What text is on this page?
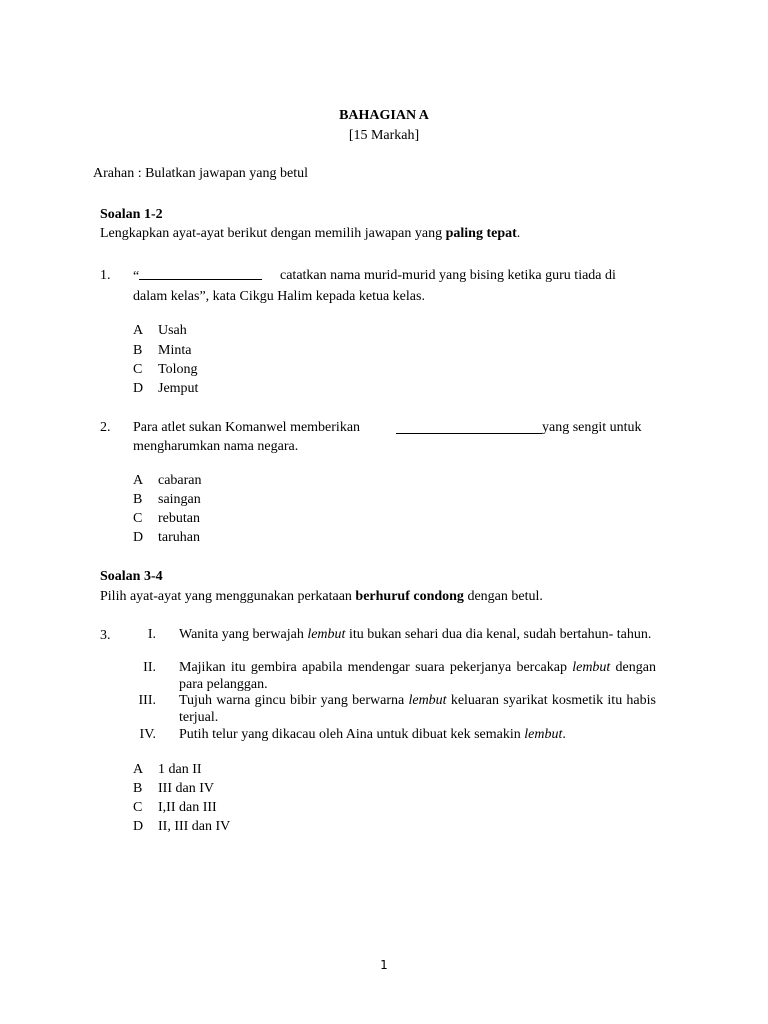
BAHAGIAN A

[15 Markah]

Arahan : Bulatkan jawapan yang betul

Soalan 1-2

Lengkapkan ayat-ayat berikut dengan memilih jawapan yang paling tepat.

1. “	catatkan nama murid-murid yang bising ketika guru tiada di

dalam kelas”, kata Cikgu Halim kepada ketua kelas.

A Usah

B Minta

C Tolong

D Jemput

2. Para atlet sukan Komanwel memberikan	yang sengit untuk

mengharumkan nama negara.

A cabaran

B saingan

C rebutan

D taruhan

Soalan 3-4

Pilih ayat-ayat yang menggunakan perkataan berhuruf condong dengan betul.

3.	I. Wanita yang berwajah lembut itu bukan sehari dua dia kenal, sudah bertahun- tahun.

II. Majikan itu gembira apabila mendengar suara pekerjanya bercakap lembut dengan para pelanggan.

III. Tujuh warna gincu bibir yang berwarna lembut keluaran syarikat kosmetik itu habis terjual.

IV. Putih telur yang dikacau oleh Aina untuk dibuat kek semakin lembut.

A 1 dan II

B III dan IV

C I,II dan III

D II, III dan IV

1
